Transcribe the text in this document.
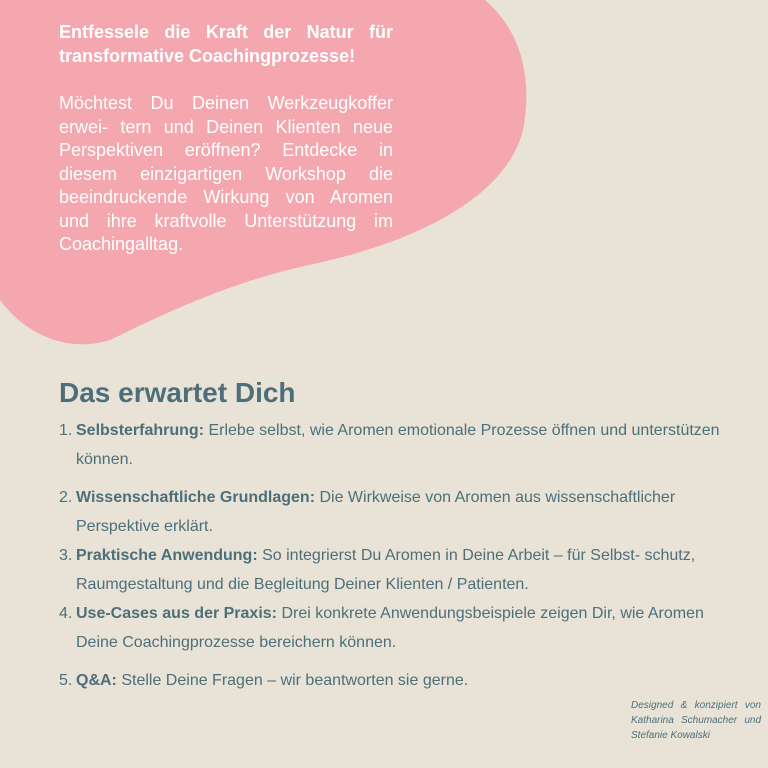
Entfessele die Kraft der Natur für
transformative Coachingprozesse!

Möchtest Du Deinen Werkzeugkoffer erwei- tern und Deinen Klienten neue Perspektiven eröffnen? Entdecke in diesem einzigartigen Workshop die beeindruckende Wirkung von Aromen und ihre kraftvolle Unterstützung im Coachingalltag.

Das erwartet Dich
1. Selbsterfahrung: Erlebe selbst, wie Aromen emotionale Prozesse öffnen und unterstützen können.
2. Wissenschaftliche Grundlagen: Die Wirkweise von Aromen aus wissenschaftlicher Perspektive erklärt.
3. Praktische Anwendung: So integrierst Du Aromen in Deine Arbeit – für Selbst- schutz, Raumgestaltung und die Begleitung Deiner Klienten / Patienten.
4. Use-Cases aus der Praxis: Drei konkrete Anwendungsbeispiele zeigen Dir, wie Aromen Deine Coachingprozesse bereichern können.
5. Q&A: Stelle Deine Fragen – wir beantworten sie gerne.
Designed & konzipiert von
Katharina Schumacher und
Stefanie Kowalski
